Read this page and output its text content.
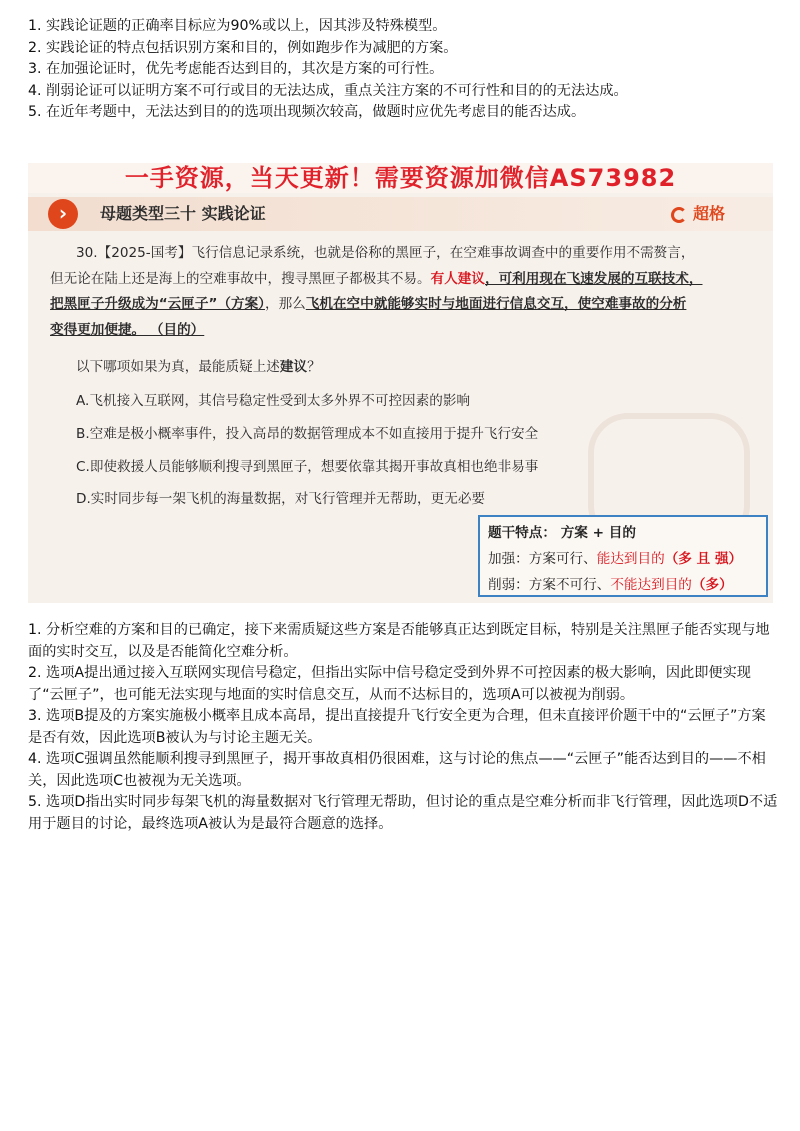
1. 实践论证题的正确率目标应为90%或以上，因其涉及特殊模型。

2. 实践论证的特点包括识别方案和目的，例如跑步作为减肥的方案。

3. 在加强论证时，优先考虑能否达到目的，其次是方案的可行性。

4. 削弱论证可以证明方案不可行或目的无法达成，重点关注方案的不可行性和目的的无法达成。

5. 在近年考题中，无法达到目的的选项出现频次较高，做题时应优先考虑目的能否达成。

一手资源，当天更新！需要资源加微信AS73982
›	母题类型三十 实践论证	超格
30.【2025-国考】飞行信息记录系统，也就是俗称的黑匣子，在空难事故调查中的重要作用不需赘言，
但无论在陆上还是海上的空难事故中，搜寻黑匣子都极其不易。有人建议，可利用现在飞速发展的互联技术，
把黑匣子升级成为“云匣子”（方案），那么飞机在空中就能够实时与地面进行信息交互，使空难事故的分析
变得更加便捷。 （目的）
以下哪项如果为真，最能质疑上述建议？
A.飞机接入互联网，其信号稳定性受到太多外界不可控因素的影响
B.空难是极小概率事件，投入高昂的数据管理成本不如直接用于提升飞行安全
C.即使救援人员能够顺利搜寻到黑匣子，想要依靠其揭开事故真相也绝非易事
D.实时同步每一架飞机的海量数据，对飞行管理并无帮助，更无必要
题干特点： 方案 + 目的
加强：方案可行、能达到目的（多 且 强）
削弱：方案不可行、不能达到目的（多）

1. 分析空难的方案和目的已确定，接下来需质疑这些方案是否能够真正达到既定目标，特别是关注黑匣子能否实现与地面的实时交互，以及是否能简化空难分析。

2. 选项A提出通过接入互联网实现信号稳定，但指出实际中信号稳定受到外界不可控因素的极大影响，因此即便实现了“云匣子”，也可能无法实现与地面的实时信息交互，从而不达标目的，选项A可以被视为削弱。

3. 选项B提及的方案实施极小概率且成本高昂，提出直接提升飞行安全更为合理，但未直接评价题干中的“云匣子”方案是否有效，因此选项B被认为与讨论主题无关。

4. 选项C强调虽然能顺利搜寻到黑匣子，揭开事故真相仍很困难，这与讨论的焦点——“云匣子”能否达到目的——不相关，因此选项C也被视为无关选项。

5. 选项D指出实时同步每架飞机的海量数据对飞行管理无帮助，但讨论的重点是空难分析而非飞行管理，因此选项D不适用于题目的讨论，最终选项A被认为是最符合题意的选择。
